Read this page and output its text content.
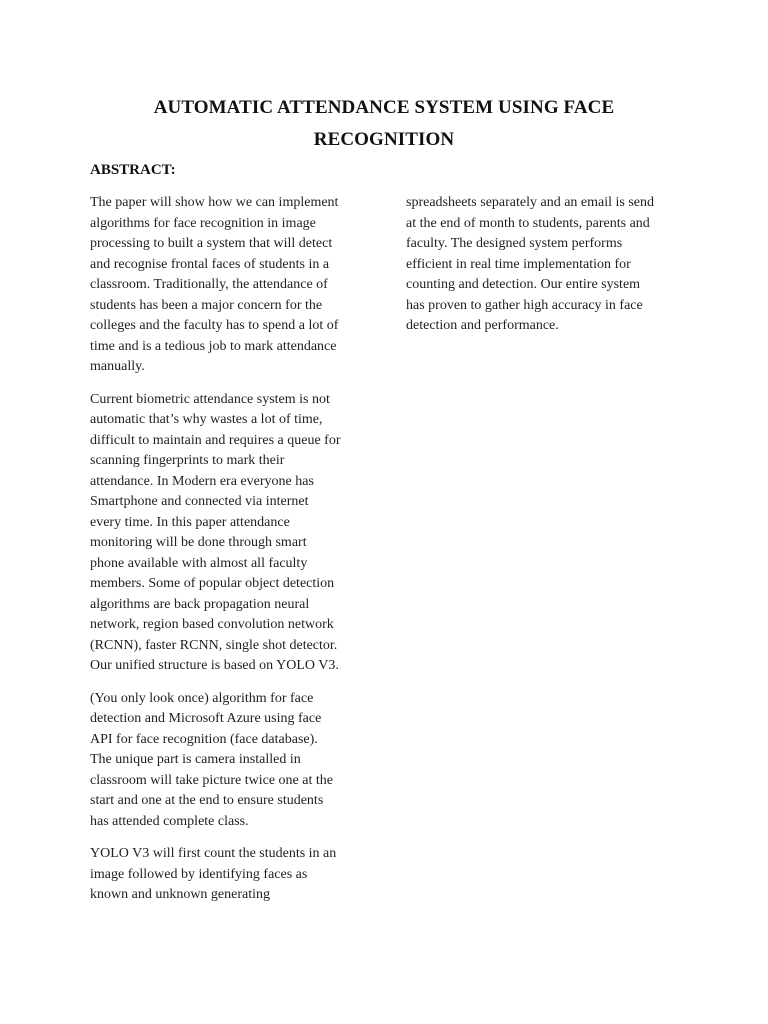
AUTOMATIC ATTENDANCE SYSTEM USING FACE
RECOGNITION
ABSTRACT:

The paper will show how we can implement
algorithms for face recognition in image
processing to built a system that will detect
and recognise frontal faces of students in a
classroom. Traditionally, the attendance of
students has been a major concern for the
colleges and the faculty has to spend a lot of
time and is a tedious job to mark attendance
manually.

Current biometric attendance system is not
automatic that’s why wastes a lot of time,
difficult to maintain and requires a queue for
scanning fingerprints to mark their
attendance. In Modern era everyone has
Smartphone and connected via internet
every time. In this paper attendance
monitoring will be done through smart
phone available with almost all faculty
members. Some of popular object detection
algorithms are back propagation neural
network, region based convolution network
(RCNN), faster RCNN, single shot detector.
Our unified structure is based on YOLO V3.

(You only look once) algorithm for face
detection and Microsoft Azure using face
API for face recognition (face database).
The unique part is camera installed in
classroom will take picture twice one at the
start and one at the end to ensure students
has attended complete class.

YOLO V3 will first count the students in an
image followed by identifying faces as
known and unknown generating

spreadsheets separately and an email is send
at the end of month to students, parents and
faculty. The designed system performs
efficient in real time implementation for
counting and detection. Our entire system
has proven to gather high accuracy in face
detection and performance.
